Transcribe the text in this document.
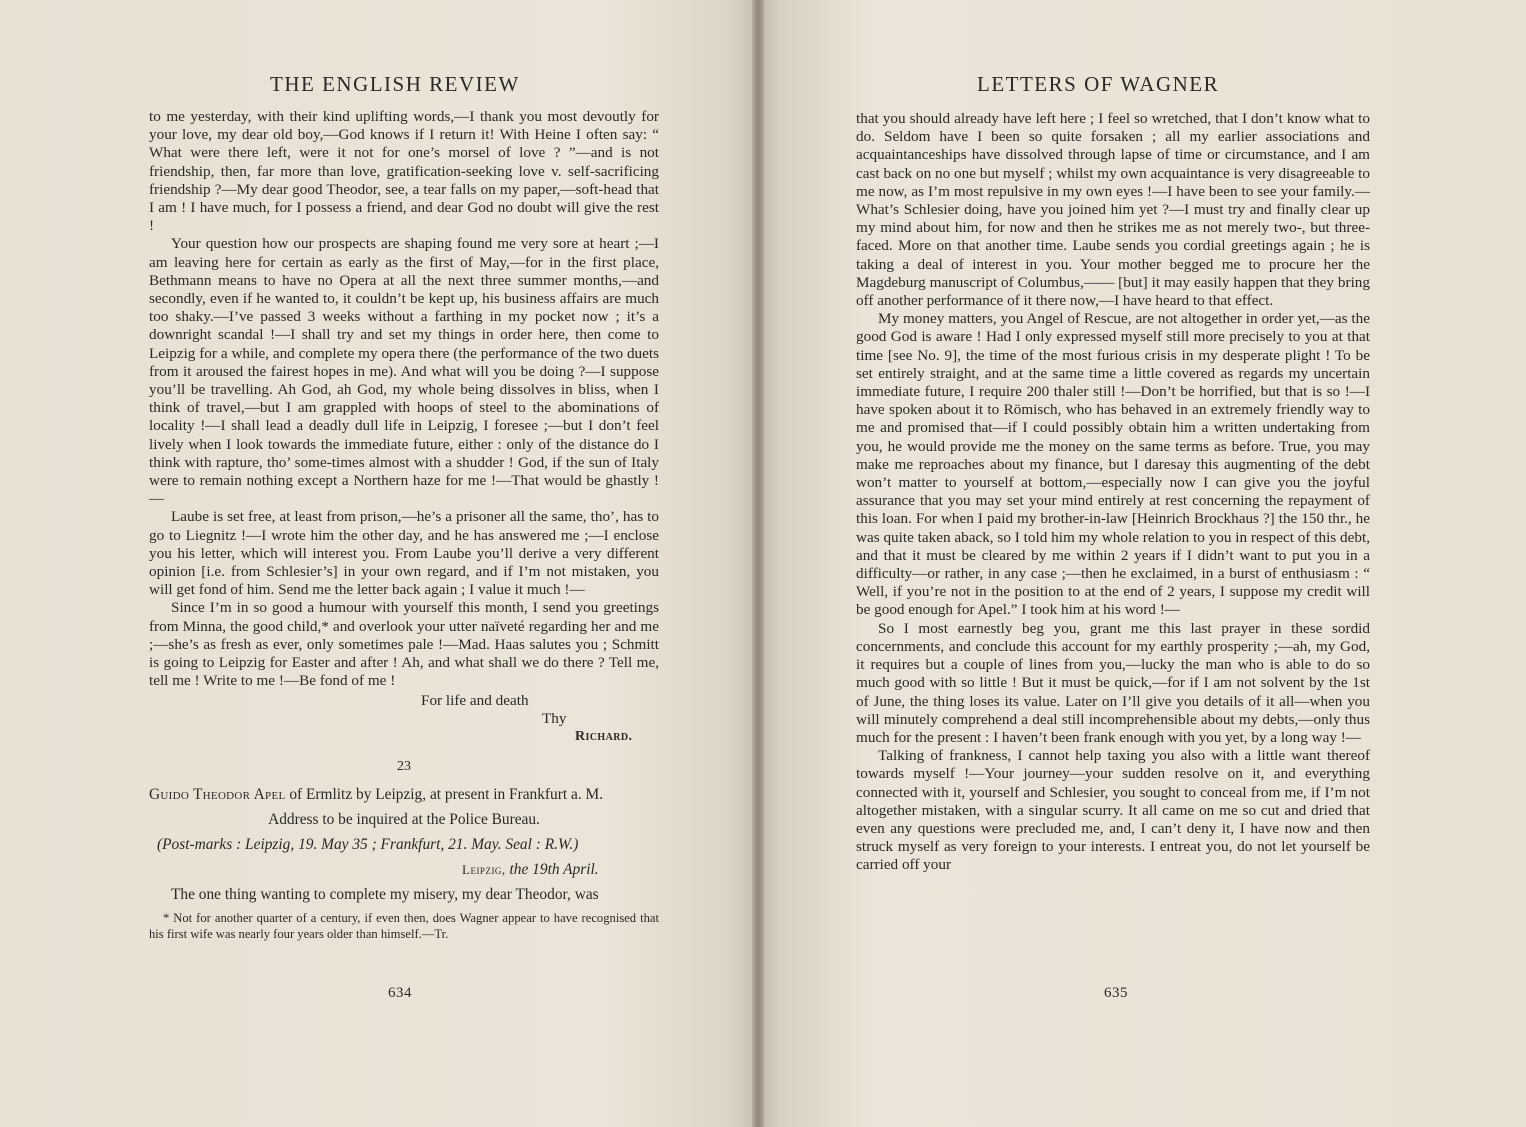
THE ENGLISH REVIEW

to me yesterday, with their kind uplifting words,—I thank you most devoutly for your love, my dear old boy,—God knows if I return it! With Heine I often say: “ What were there left, were it not for one’s morsel of love ? ”—and is not friendship, then, far more than love, gratification-seeking love v. self-sacrificing friendship ?—My dear good Theodor, see, a tear falls on my paper,—soft-head that I am ! I have much, for I possess a friend, and dear God no doubt will give the rest !

Your question how our prospects are shaping found me very sore at heart ;—I am leaving here for certain as early as the first of May,—for in the first place, Bethmann means to have no Opera at all the next three summer months,—and secondly, even if he wanted to, it couldn’t be kept up, his business affairs are much too shaky.—I’ve passed 3 weeks without a farthing in my pocket now ; it’s a downright scandal !—I shall try and set my things in order here, then come to Leipzig for a while, and complete my opera there (the performance of the two duets from it aroused the fairest hopes in me). And what will you be doing ?—I suppose you’ll be travelling. Ah God, ah God, my whole being dissolves in bliss, when I think of travel,—but I am grappled with hoops of steel to the abominations of locality !—I shall lead a deadly dull life in Leipzig, I foresee ;—but I don’t feel lively when I look towards the immediate future, either : only of the distance do I think with rapture, tho’ some-times almost with a shudder ! God, if the sun of Italy were to remain nothing except a Northern haze for me !—That would be ghastly !—

Laube is set free, at least from prison,—he’s a prisoner all the same, tho’, has to go to Liegnitz !—I wrote him the other day, and he has answered me ;—I enclose you his letter, which will interest you. From Laube you’ll derive a very different opinion [i.e. from Schlesier’s] in your own regard, and if I’m not mistaken, you will get fond of him. Send me the letter back again ; I value it much !—

Since I’m in so good a humour with yourself this month, I send you greetings from Minna, the good child,* and overlook your utter naïveté regarding her and me ;—she’s as fresh as ever, only sometimes pale !—Mad. Haas salutes you ; Schmitt is going to Leipzig for Easter and after ! Ah, and what shall we do there ? Tell me, tell me ! Write to me !—Be fond of me !

For life and death

Thy

Richard.

23

Guido Theodor Apel of Ermlitz by Leipzig, at present in Frankfurt a. M.

Address to be inquired at the Police Bureau.

(Post-marks : Leipzig, 19. May 35 ; Frankfurt, 21. May. Seal : R.W.)

Leipzig, the 19th April.

The one thing wanting to complete my misery, my dear Theodor, was

* Not for another quarter of a century, if even then, does Wagner appear to have recognised that his first wife was nearly four years older than himself.—Tr.

634
LETTERS OF WAGNER

that you should already have left here ; I feel so wretched, that I don’t know what to do. Seldom have I been so quite forsaken ; all my earlier associations and acquaintanceships have dissolved through lapse of time or circumstance, and I am cast back on no one but myself ; whilst my own acquaintance is very disagreeable to me now, as I’m most repulsive in my own eyes !—I have been to see your family.—What’s Schlesier doing, have you joined him yet ?—I must try and finally clear up my mind about him, for now and then he strikes me as not merely two-, but three-faced. More on that another time. Laube sends you cordial greetings again ; he is taking a deal of interest in you. Your mother begged me to procure her the Magdeburg manuscript of Columbus,—— [but] it may easily happen that they bring off another performance of it there now,—I have heard to that effect.

My money matters, you Angel of Rescue, are not altogether in order yet,—as the good God is aware ! Had I only expressed myself still more precisely to you at that time [see No. 9], the time of the most furious crisis in my desperate plight ! To be set entirely straight, and at the same time a little covered as regards my uncertain immediate future, I require 200 thaler still !—Don’t be horrified, but that is so !—I have spoken about it to Römisch, who has behaved in an extremely friendly way to me and promised that—if I could possibly obtain him a written undertaking from you, he would provide me the money on the same terms as before. True, you may make me reproaches about my finance, but I daresay this augmenting of the debt won’t matter to yourself at bottom,—especially now I can give you the joyful assurance that you may set your mind entirely at rest concerning the repayment of this loan. For when I paid my brother-in-law [Heinrich Brockhaus ?] the 150 thr., he was quite taken aback, so I told him my whole relation to you in respect of this debt, and that it must be cleared by me within 2 years if I didn’t want to put you in a difficulty—or rather, in any case ;—then he exclaimed, in a burst of enthusiasm : “ Well, if you’re not in the position to at the end of 2 years, I suppose my credit will be good enough for Apel.” I took him at his word !—

So I most earnestly beg you, grant me this last prayer in these sordid concernments, and conclude this account for my earthly prosperity ;—ah, my God, it requires but a couple of lines from you,—lucky the man who is able to do so much good with so little ! But it must be quick,—for if I am not solvent by the 1st of June, the thing loses its value. Later on I’ll give you details of it all—when you will minutely comprehend a deal still incomprehensible about my debts,—only thus much for the present : I haven’t been frank enough with you yet, by a long way !—

Talking of frankness, I cannot help taxing you also with a little want thereof towards myself !—Your journey—your sudden resolve on it, and everything connected with it, yourself and Schlesier, you sought to conceal from me, if I’m not altogether mistaken, with a singular scurry. It all came on me so cut and dried that even any questions were precluded me, and, I can’t deny it, I have now and then struck myself as very foreign to your interests. I entreat you, do not let yourself be carried off your

635
